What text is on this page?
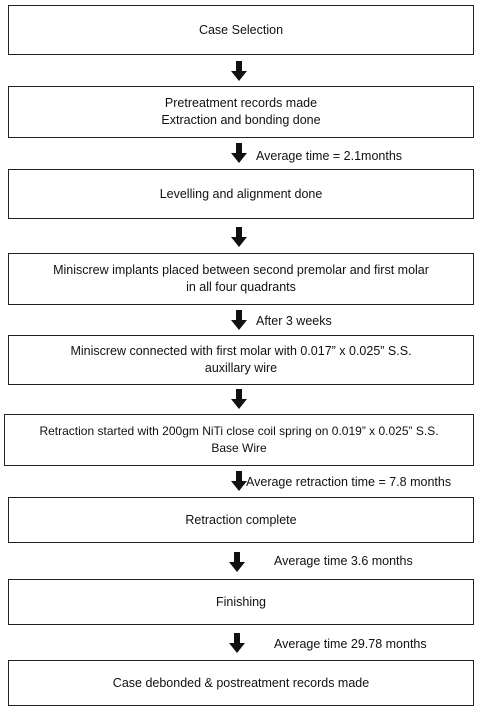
Case Selection
Pretreatment records made
Extraction and bonding done
Levelling and alignment done
Miniscrew implants placed between second premolar and first molar
in all four quadrants
Miniscrew connected with first molar with 0.017” x 0.025” S.S.
auxillary wire
Retraction started with 200gm NiTi close coil spring on 0.019” x 0.025” S.S.
Base Wire
Retraction complete
Finishing
Case debonded & postreatment records made
Average time = 2.1months
After 3 weeks
Average retraction time = 7.8 months
Average time 3.6 months
Average time 29.78 months
